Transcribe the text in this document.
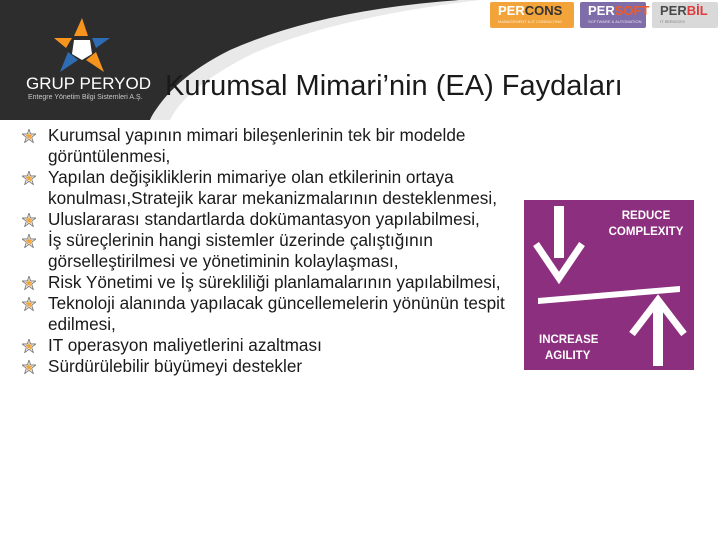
GRUP PERYOD
Entegre Yönetim Bilgi Sistemleri A.Ş.
PERCONS
MANAGEMENT & IT CONSULTING
PERSOFT
SOFTWARE & AUTOMATION
PERBİL
IT SERVICES
Kurumsal Mimari’nin (EA) Faydaları
Kurumsal yapının mimari bileşenlerinin tek bir modelde görüntülenmesi,
Yapılan değişikliklerin mimariye olan etkilerinin ortaya konulması,Stratejik karar mekanizmalarının desteklenmesi,
Uluslararası standartlarda dokümantasyon yapılabilmesi,
İş süreçlerinin hangi sistemler üzerinde çalıştığının görselleştirilmesi ve yönetiminin kolaylaşması,
Risk Yönetimi ve İş sürekliliği planlamalarının yapılabilmesi,
Teknoloji alanında yapılacak güncellemelerin yönünün tespit edilmesi,
IT operasyon maliyetlerini azaltması
Sürdürülebilir büyümeyi destekler
REDUCE
COMPLEXITY
INCREASE
AGILITY
